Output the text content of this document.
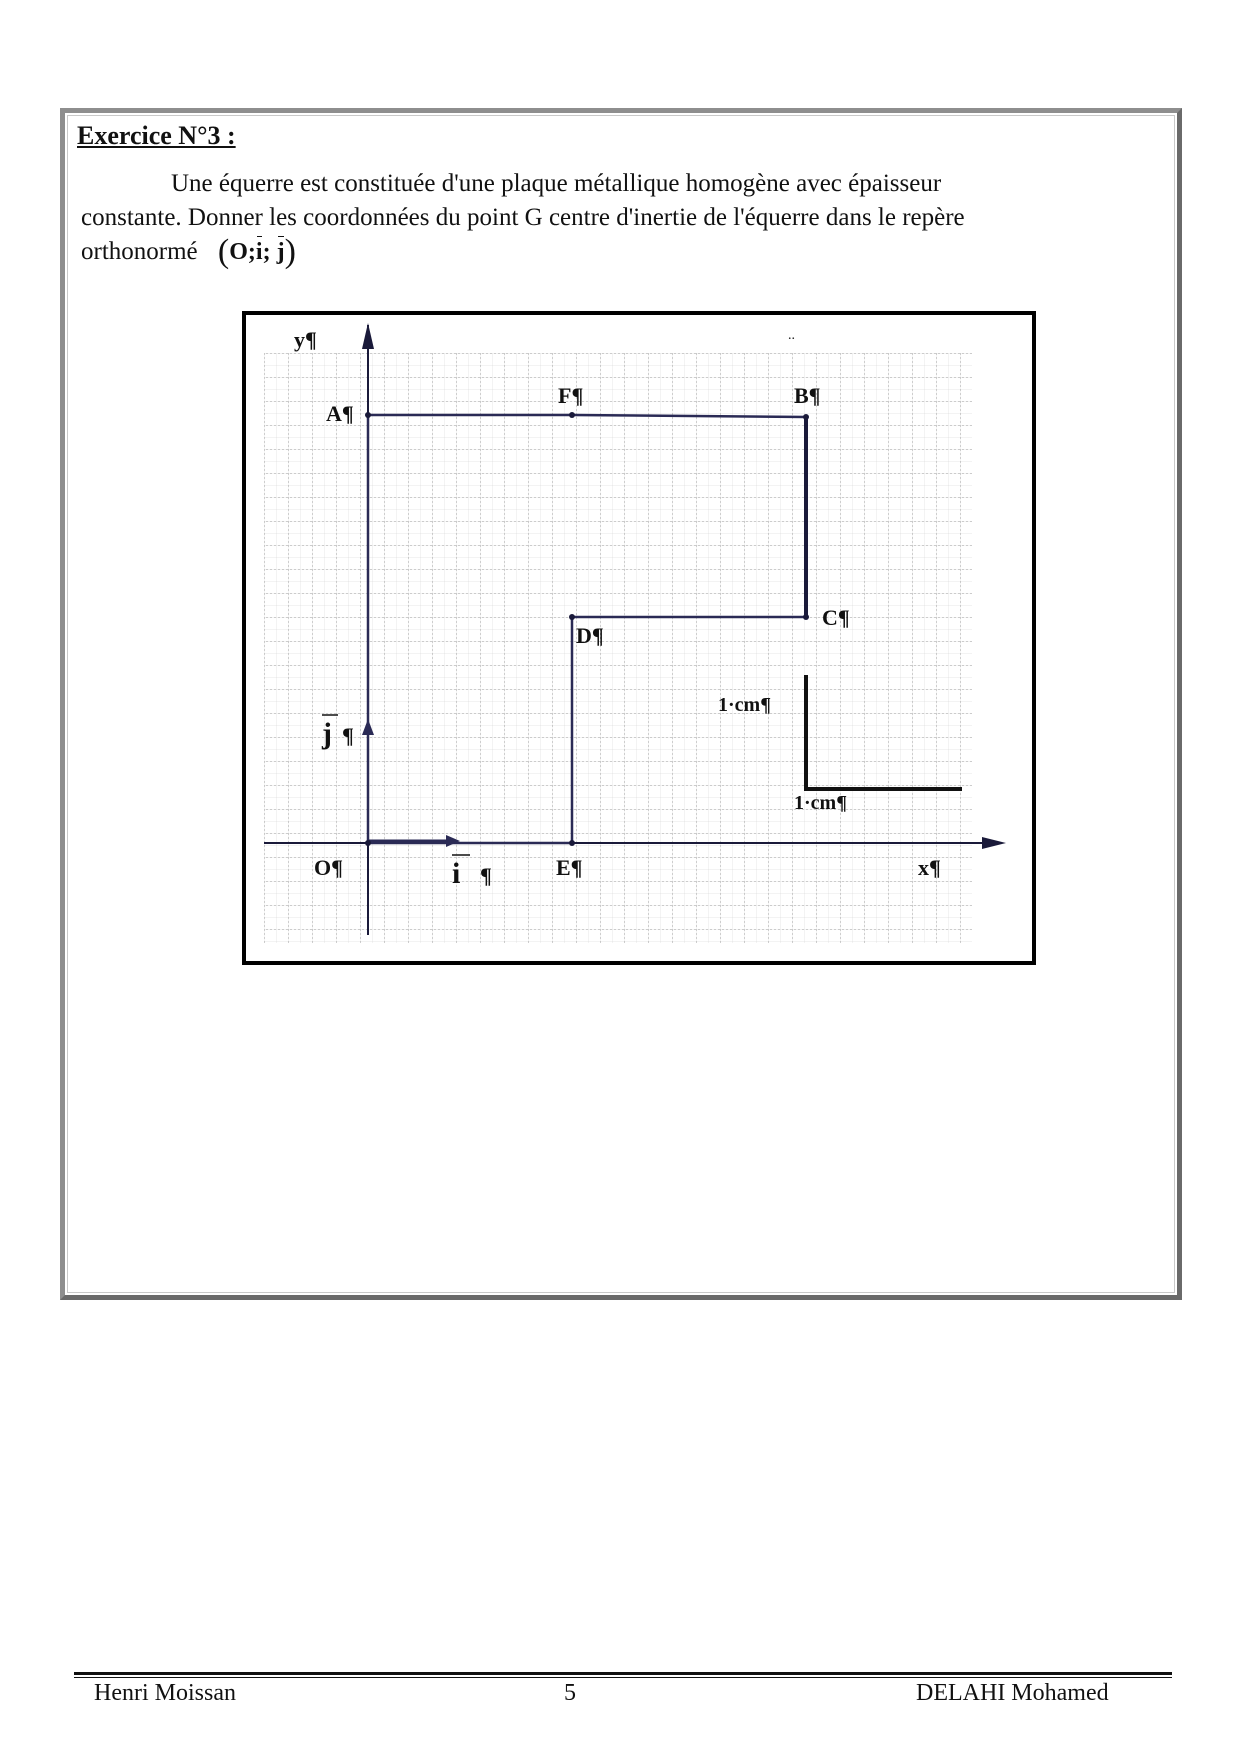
Exercice N°3 :
Une équerre est constituée d'une plaque métallique homogène avec épaisseur
constante. Donner les coordonnées du point G centre d'inertie de l'équerre dans le repère
orthonormé (O;i; j)
y¶
A¶
F¶	B¶
..
C¶
D¶
O¶	E¶	x¶
i ¶
j ¶
1·cm¶
1·cm¶
Henri Moissan	5	DELAHI Mohamed
